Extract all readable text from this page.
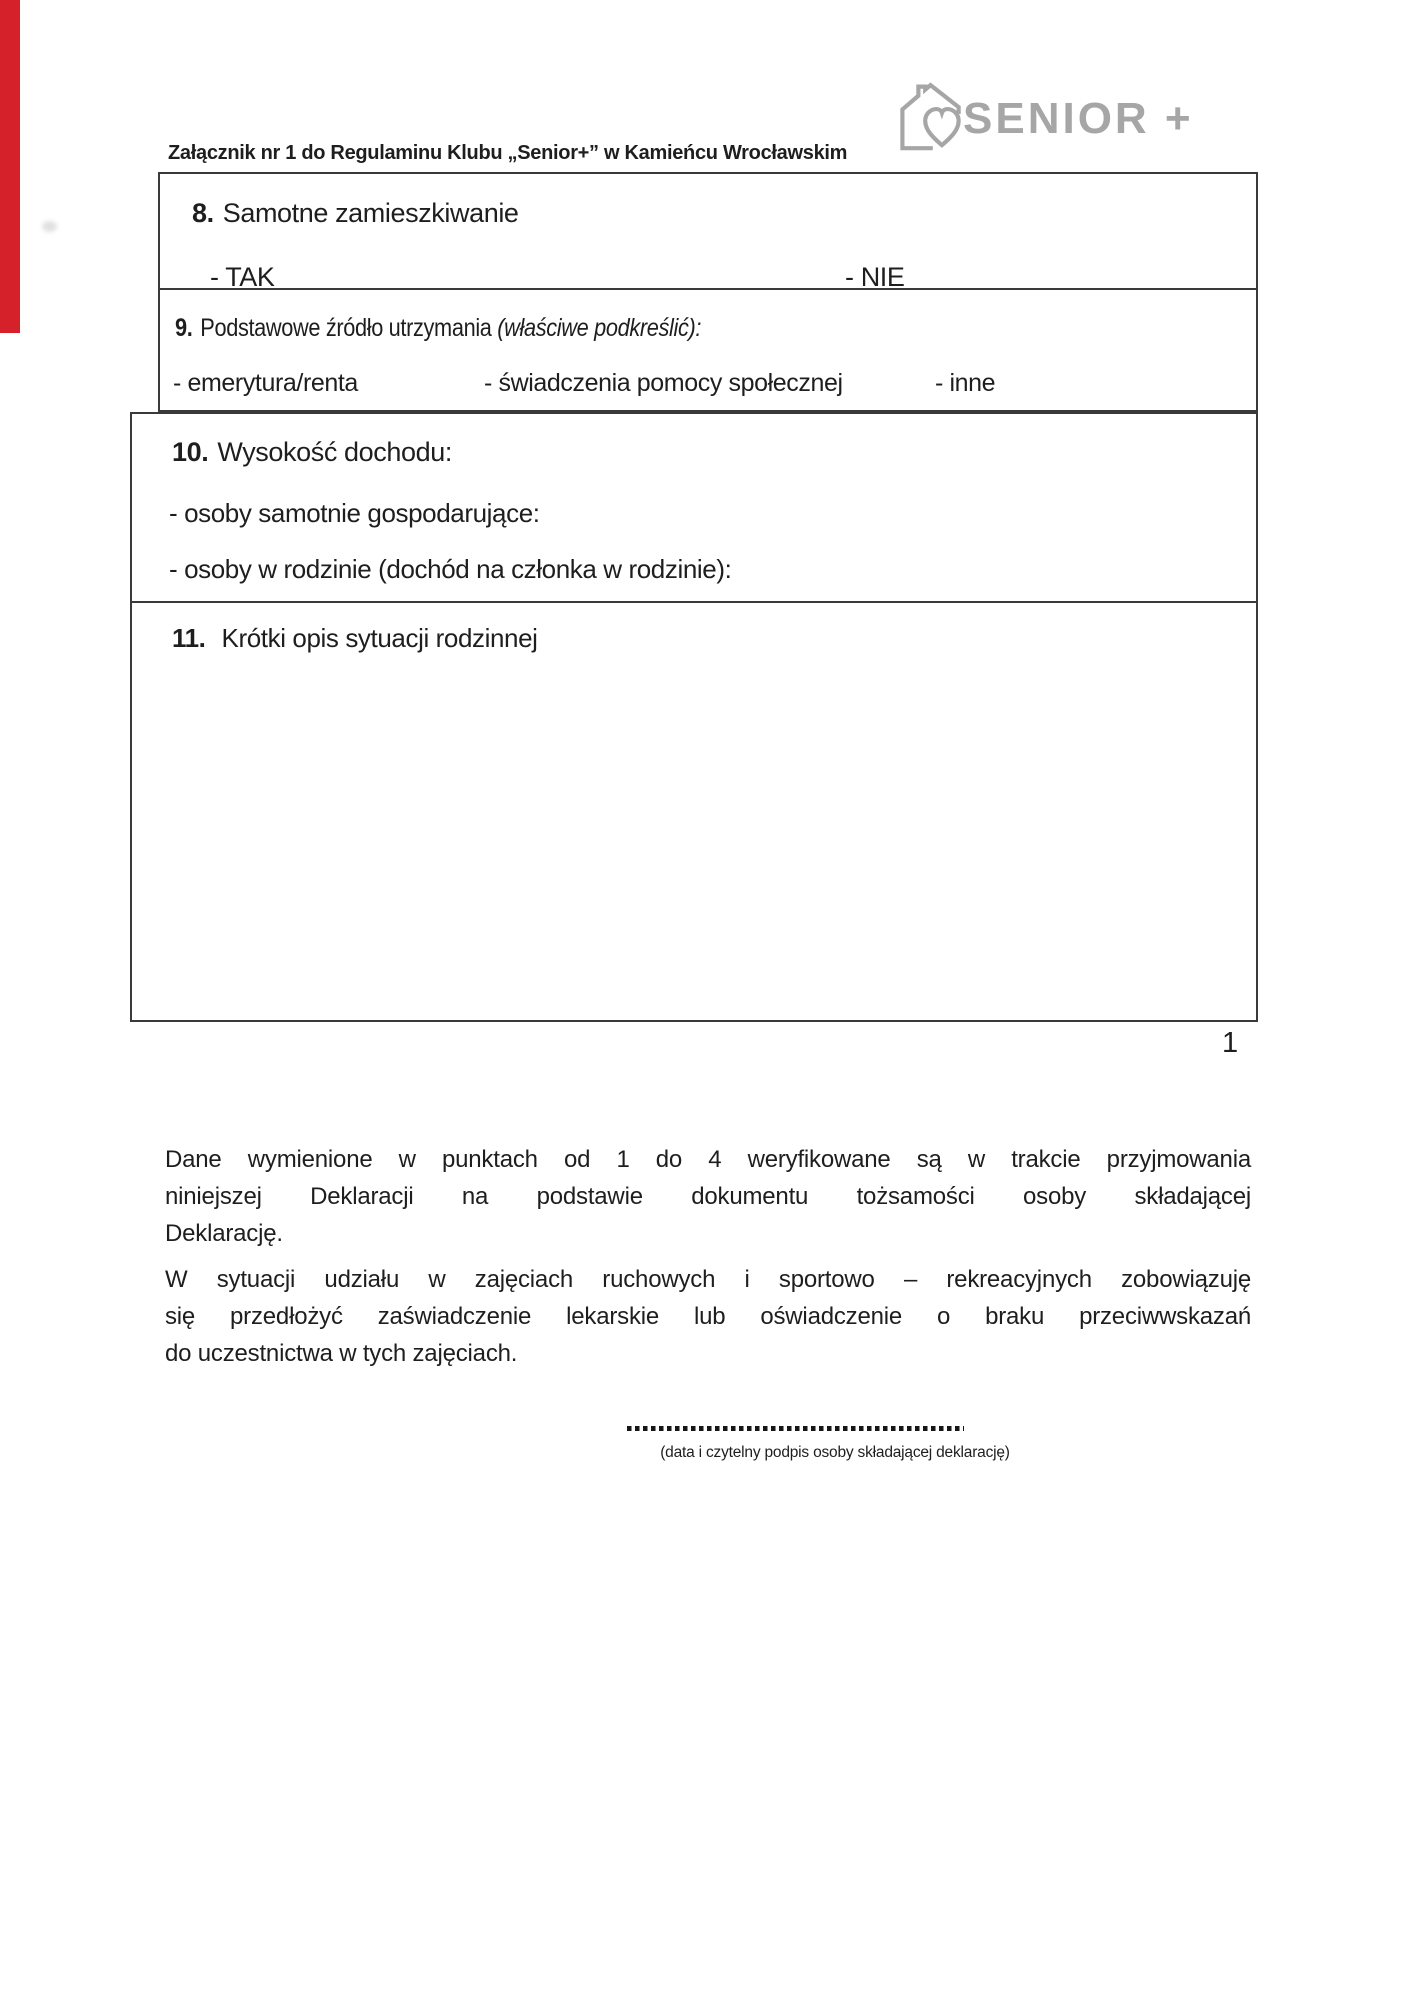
SENIOR +
Załącznik nr 1 do Regulaminu Klubu „Senior+” w Kamieńcu Wrocławskim
8. Samotne zamieszkiwanie
- TAK	- NIE
9. Podstawowe źródło utrzymania (właściwe podkreślić):
- emerytura/renta	- świadczenia pomocy społecznej	- inne
10. Wysokość dochodu:
- osoby samotnie gospodarujące:
- osoby w rodzinie (dochód na członka w rodzinie):
11. Krótki opis sytuacji rodzinnej
1
Dane wymienione w punktach od 1 do 4 weryfikowane są w trakcie przyjmowania
niniejszej Deklaracji na podstawie dokumentu tożsamości osoby składającej
Deklarację.
W sytuacji udziału w zajęciach ruchowych i sportowo – rekreacyjnych zobowiązuję
się przedłożyć zaświadczenie lekarskie lub oświadczenie o braku przeciwwskazań
do uczestnictwa w tych zajęciach.
(data i czytelny podpis osoby składającej deklarację)
